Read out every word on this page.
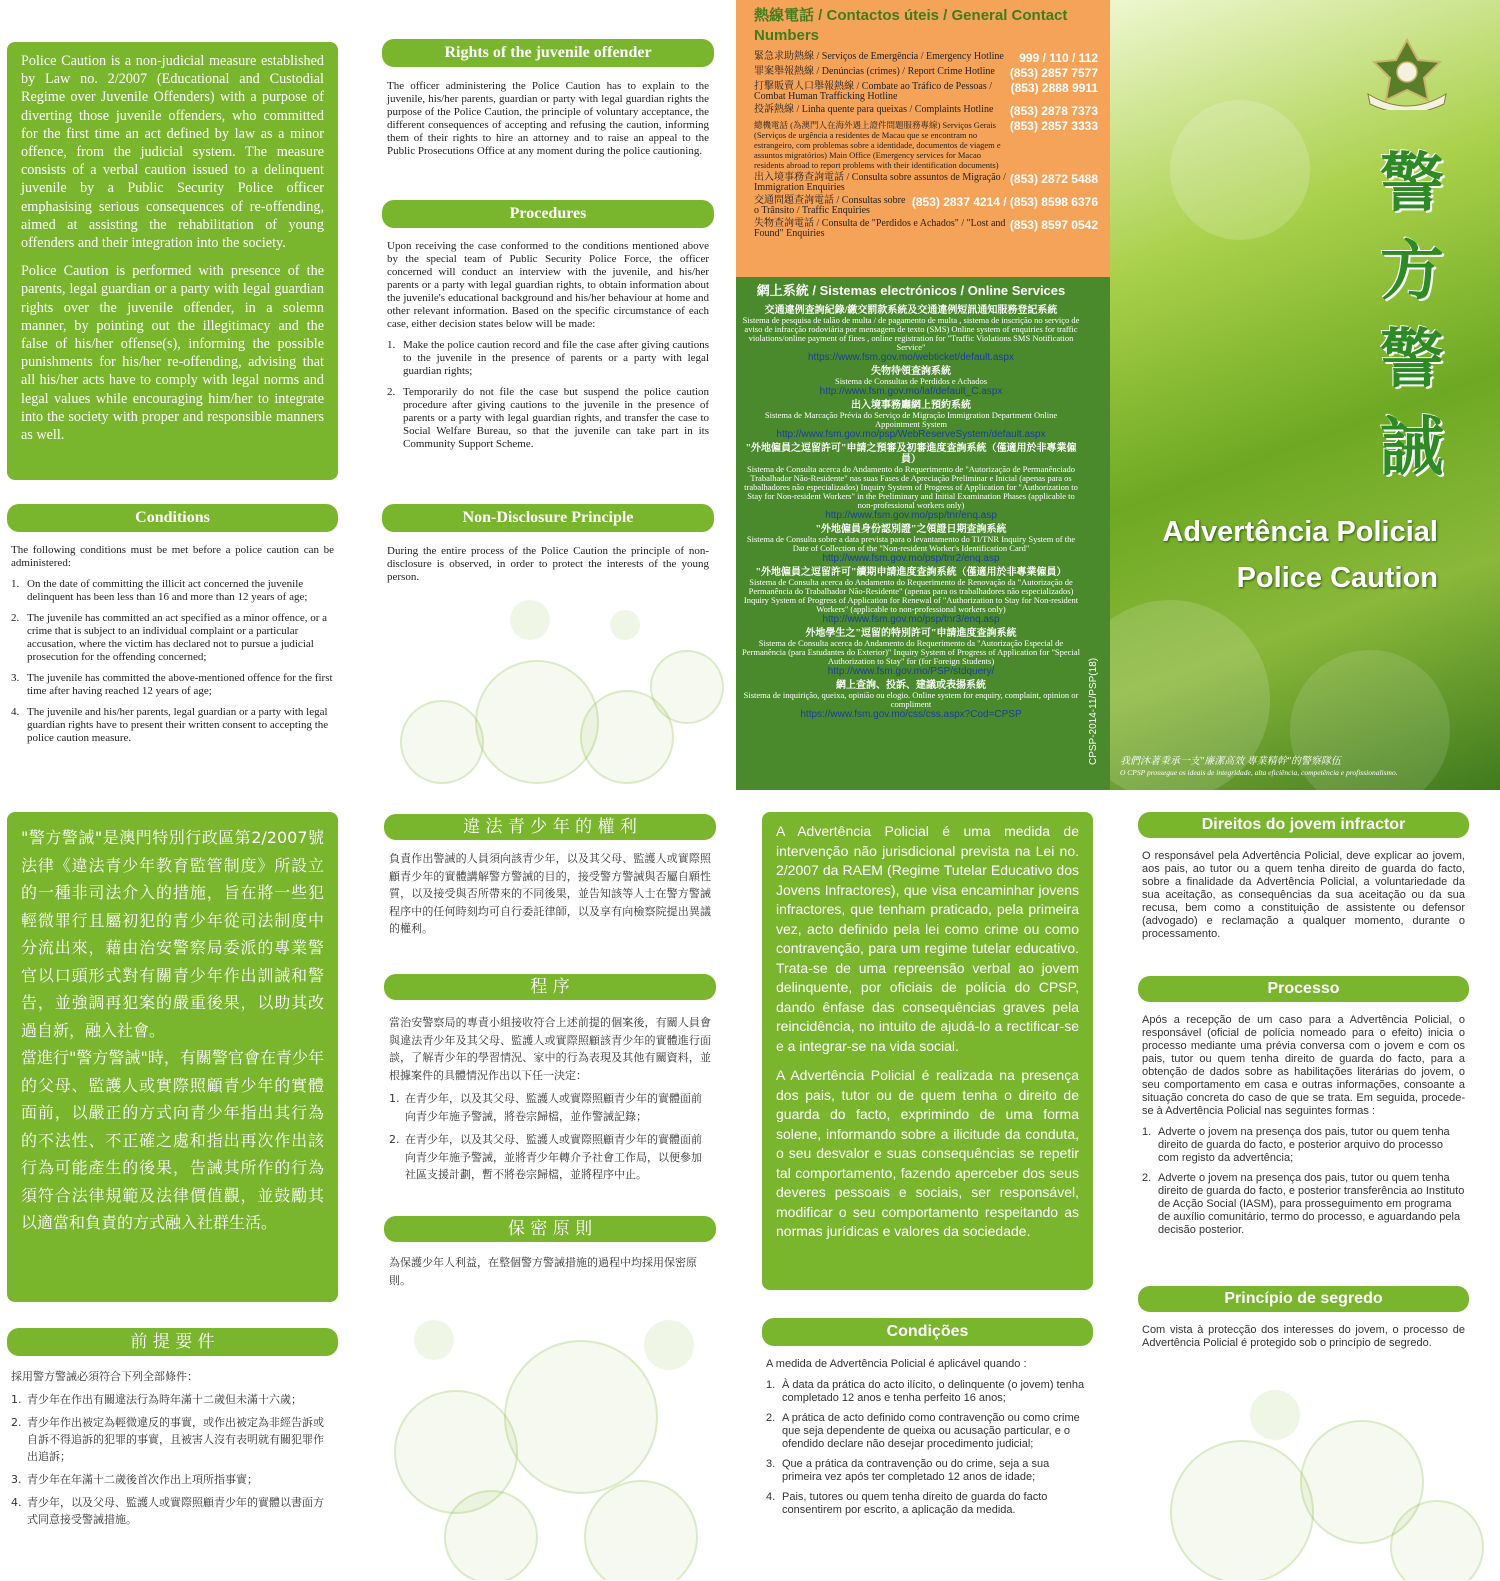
Police Caution is a non-judicial measure established by Law no. 2/2007 (Educational and Custodial Regime over Juvenile Offenders) with a purpose of diverting those juvenile offenders, who committed for the first time an act defined by law as a minor offence, from the judicial system. The measure consists of a verbal caution issued to a delinquent juvenile by a Public Security Police officer emphasising serious consequences of re-offending, aimed at assisting the rehabilitation of young offenders and their integration into the society.

Police Caution is performed with presence of the parents, legal guardian or a party with legal guardian rights over the juvenile offender, in a solemn manner, by pointing out the illegitimacy and the false of his/her offense(s), informing the possible punishments for his/her re-offending, advising that all his/her acts have to comply with legal norms and legal values while encouraging him/her to integrate into the society with proper and responsible manners as well.

Conditions

The following conditions must be met before a police caution can be administered:

1. On the date of committing the illicit act concerned the juvenile delinquent has been less than 16 and more than 12 years of age;
2. The juvenile has committed an act specified as a minor offence, or a crime that is subject to an individual complaint or a particular accusation, where the victim has declared not to pursue a judicial prosecution for the offending concerned;
3. The juvenile has committed the above-mentioned offence for the first time after having reached 12 years of age;
4. The juvenile and his/her parents, legal guardian or a party with legal guardian rights have to present their written consent to accepting the police caution measure.
Rights of the juvenile offender

The officer administering the Police Caution has to explain to the juvenile, his/her parents, guardian or party with legal guardian rights the purpose of the Police Caution, the principle of voluntary acceptance, the different consequences of accepting and refusing the caution, informing them of their rights to hire an attorney and to raise an appeal to the Public Prosecutions Office at any moment during the police cautioning.

Procedures

Upon receiving the case conformed to the conditions mentioned above by the special team of Public Security Police Force, the officer concerned will conduct an interview with the juvenile, and his/her parents or a party with legal guardian rights, to obtain information about the juvenile's educational background and his/her behaviour at home and other relevant information. Based on the specific circumstance of each case, either decision states below will be made:

1. Make the police caution record and file the case after giving cautions to the juvenile in the presence of parents or a party with legal guardian rights;
2. Temporarily do not file the case but suspend the police caution procedure after giving cautions to the juvenile in the presence of parents or a party with legal guardian rights, and transfer the case to Social Welfare Bureau, so that the juvenile can take part in its Community Support Scheme.
Non-Disclosure Principle

During the entire process of the Police Caution the principle of non-disclosure is observed, in order to protect the interests of the young person.

熱線電話 / Contactos úteis / General Contact Numbers
緊急求助熱線 / Serviços de Emergência / Emergency Hotline	999 / 110 / 112
罪案舉報熱線 / Denúncias (crimes) / Report Crime Hotline	(853) 2857 7577
打擊販賣人口舉報熱線 / Combate ao Tráfico de Pessoas / Combat Human Trafficking Hotline
(853) 2888 9911
投訴熱線 / Linha quente para queixas / Complaints Hotline	(853) 2878 7373
總機電話 (為澳門人在海外遇上證件問題服務專線) Serviços Gerais (Serviços de urgência a residentes de Macau que se encontram no estrangeiro, com problemas sobre a identidade, documentos de viagem e assuntos migratórios) Main Office (Emergency services for Macao residents abroad to report problems with their identification documents)
(853) 2857 3333
出入境事務查詢電話 / Consulta sobre assuntos de Migração / Immigration Enquiries
(853) 2872 5488
交通問題查詢電話 / Consultas sobre o Trânsito / Traffic Enquiries
(853) 2837 4214 / (853) 8598 6376
失物查詢電話 / Consulta de "Perdidos e Achados" / "Lost and Found" Enquiries
(853) 8597 0542
網上系統 / Sistemas electrónicos / Online Services
交通違例查詢紀錄/繳交罰款系統及交通違例短訊通知服務登記系統
Sistema de pesquisa de talão de multa / de pagamento de multa , sistema de inscrição no serviço de aviso de infracção rodoviária por mensagem de texto (SMS) Online system of enquiries for traffic violations/online payment of fines , online registration for "Traffic Violations SMS Notification Service"
https://www.fsm.gov.mo/webticket/default.aspx
失物待領查詢系統
Sistema de Consultas de Perdidos e Achados
http://www.fsm.gov.mo/laf/default_C.aspx
出入境事務廳網上預約系統
Sistema de Marcação Prévia do Serviço de Migração Immigration Department Online Appointment System
http://www.fsm.gov.mo/psp/WebReserveSystem/default.aspx
"外地僱員之逗留許可"申請之預審及初審進度查詢系統（僅適用於非專業僱員）
Sistema de Consulta acerca do Andamento do Requerimento de "Autorização de Permanênciado Trabalhador Não-Residente" nas suas Fases de Apreciação Preliminar e Inicial (apenas para os trabalhadores não especializados) Inquiry System of Progress of Application for "Authorization to Stay for Non-resident Workers" in the Preliminary and Initial Examination Phases (applicable to non-professional workers only)
http://www.fsm.gov.mo/psp/tnr/enq.asp
"外地僱員身份認別證"之領證日期查詢系統
Sistema de Consulta sobre a data prevista para o levantamento do TI/TNR Inquiry System of the Date of Collection of the "Non-resident Worker's Identification Card"
http://www.fsm.gov.mo/psp/tnr2/enq.asp
"外地僱員之逗留許可"續期申請進度查詢系統（僅適用於非專業僱員）
Sistema de Consulta acerca do Andamento do Requerimento de Renovação da "Autorização de Permanência do Trabalhador Não-Residente" (apenas para os trabalhadores não especializados) Inquiry System of Progress of Application for Renewal of "Authorization to Stay for Non-resident Workers" (applicable to non-professional workers only)
http://www.fsm.gov.mo/psp/tnr3/enq.asp
外地學生之"逗留的特別許可"申請進度查詢系統
Sistema de Consulta acerca do Andamento do Requerimento da "Autorização Especial de Permanência (para Estudantes do Exterior)" Inquiry System of Progress of Application for "Special Authorization to Stay" for (for Foreign Students)
http://www.fsm.gov.mo/PSP/stdquery/
網上查詢、投訴、建議或表揚系統
Sistema de inquirição, queixa, opinião ou elogio. Online system for enquiry, complaint, opinion or compliment
https://www.fsm.gov.mo/css/css.aspx?Cod=CPSP	CPSP-2014-11/PSP(18)
警
方
警
誡
Advertência Policial
Police Caution
我們沐著秉承一支"廉潔高效 專業精幹"的警察隊伍
O CPSP prossegue os ideais de integridade, alta eficiência, competência e profissionalismo.

"警方警誡"是澳門特別行政區第2/2007號法律《違法青少年教育監管制度》所設立的一種非司法介入的措施，旨在將一些犯輕微罪行且屬初犯的青少年從司法制度中分流出來，藉由治安警察局委派的專業警官以口頭形式對有關青少年作出訓誡和警告，並強調再犯案的嚴重後果，以助其改過自新，融入社會。

當進行"警方警誡"時，有關警官會在青少年的父母、監護人或實際照顧青少年的實體面前，以嚴正的方式向青少年指出其行為的不法性、不正確之處和指出再次作出該行為可能產生的後果，告誡其所作的行為須符合法律規範及法律價值觀，並鼓勵其以適當和負責的方式融入社群生活。

前 提 要 件

採用警方警誡必須符合下列全部條件：

1. 青少年在作出有關違法行為時年滿十二歲但未滿十六歲；
2. 青少年作出被定為輕微違反的事實，或作出被定為非經告訴或自訴不得追訴的犯罪的事實，且被害人沒有表明就有關犯罪作出追訴；
3. 青少年在年滿十二歲後首次作出上項所指事實；
4. 青少年，以及父母、監護人或實際照顧青少年的實體以書面方式同意接受警誡措施。
違 法 青 少 年 的 權 利

負責作出警誡的人員須向該青少年，以及其父母、監護人或實際照顧青少年的實體講解警方警誡的目的，接受警方警誡與否屬自願性質，以及接受與否所帶來的不同後果，並告知該等人士在警方警誡程序中的任何時刻均可自行委託律師，以及享有向檢察院提出異議的權利。

程 序

當治安警察局的專責小組接收符合上述前提的個案後，有關人員會與違法青少年及其父母、監護人或實際照顧該青少年的實體進行面談，了解青少年的學習情況、家中的行為表現及其他有關資料，並根據案件的具體情況作出以下任一決定：

1. 在青少年，以及其父母、監護人或實際照顧青少年的實體面前向青少年施予警誡，將卷宗歸檔，並作警誡記錄；
2. 在青少年，以及其父母、監護人或實際照顧青少年的實體面前向青少年施予警誡，並將青少年轉介予社會工作局，以便參加社區支援計劃，暫不將卷宗歸檔，並將程序中止。
保 密 原 則

為保護少年人利益，在整個警方警誡措施的過程中均採用保密原則。

A Advertência Policial é uma medida de intervenção não jurisdicional prevista na Lei no. 2/2007 da RAEM (Regime Tutelar Educativo dos Jovens Infractores), que visa encaminhar jovens infractores, que tenham praticado, pela primeira vez, acto definido pela lei como crime ou como contravenção, para um regime tutelar educativo. Trata-se de uma repreensão verbal ao jovem delinquente, por oficiais de polícia do CPSP, dando ênfase das consequências graves pela reincidência, no intuito de ajudá-lo a rectificar-se e a integrar-se na vida social.

A Advertência Policial é realizada na presença dos pais, tutor ou de quem tenha o direito de guarda do facto, exprimindo de uma forma solene, informando sobre a ilicitude da conduta, o seu desvalor e suas consequências se repetir tal comportamento, fazendo aperceber dos seus deveres pessoais e sociais, ser responsável, modificar o seu comportamento respeitando as normas jurídicas e valores da sociedade.

Condições

A medida de Advertência Policial é aplicável quando :

1. À data da prática do acto ilícito, o delinquente (o jovem) tenha completado 12 anos e tenha perfeito 16 anos;
2. A prática de acto definido como contravenção ou como crime que seja dependente de queixa ou acusação particular, e o ofendido declare não desejar procedimento judicial;
3. Que a prática da contravenção ou do crime, seja a sua primeira vez após ter completado 12 anos de idade;
4. Pais, tutores ou quem tenha direito de guarda do facto consentirem por escrito, a aplicação da medida.
Direitos do jovem infractor

O responsável pela Advertência Policial, deve explicar ao jovem, aos pais, ao tutor ou a quem tenha direito de guarda do facto, sobre a finalidade da Advertência Policial, a voluntariedade da sua aceitação, as consequências da sua aceitação ou da sua recusa, bem como a constituição de assistente ou defensor (advogado) e reclamação a qualquer momento, durante o processamento.

Processo

Após a recepção de um caso para a Advertência Policial, o responsável (oficial de polícia nomeado para o efeito) inicia o processo mediante uma prévia conversa com o jovem e com os pais, tutor ou quem tenha direito de guarda do facto, para a obtenção de dados sobre as habilitações literárias do jovem, o seu comportamento em casa e outras informações, consoante a situação concreta do caso de que se trata. Em seguida, procede-se à Advertência Policial nas seguintes formas :

1. Adverte o jovem na presença dos pais, tutor ou quem tenha direito de guarda do facto, e posterior arquivo do processo com registo da advertência;
2. Adverte o jovem na presença dos pais, tutor ou quem tenha direito de guarda do facto, e posterior transferência ao Instituto de Acção Social (IASM), para prosseguimento em programa de auxílio comunitário, termo do processo, e aguardando pela decisão posterior.
Princípio de segredo

Com vista à protecção dos interesses do jovem, o processo de Advertência Policial é protegido sob o princípio de segredo.
